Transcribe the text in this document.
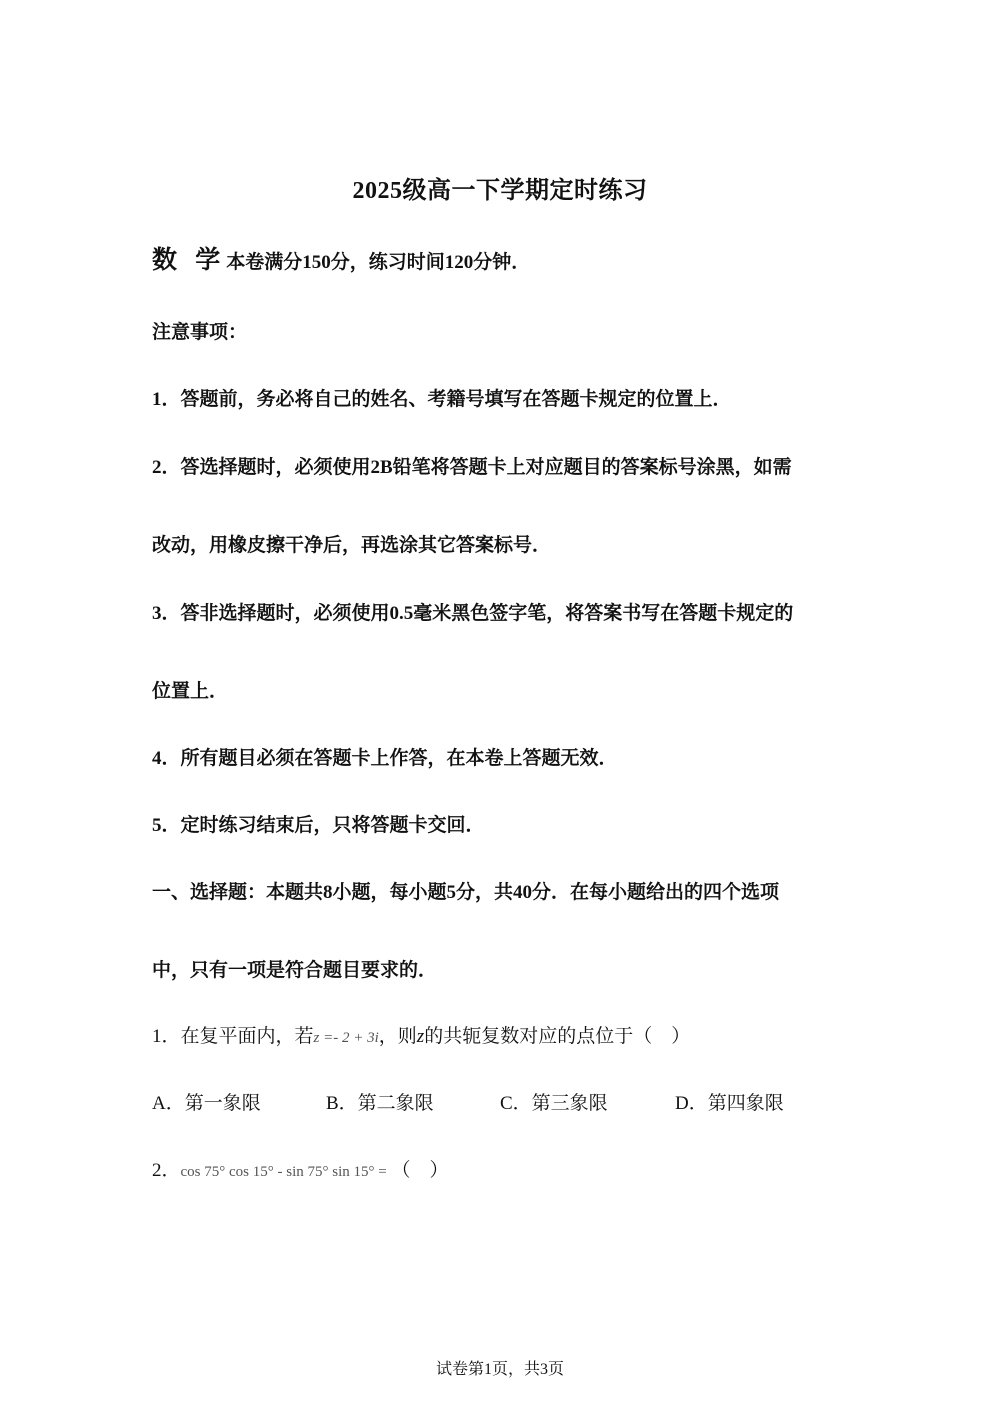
2025级高一下学期定时练习
数 学本卷满分150分，练习时间120分钟．
注意事项：
1．答题前，务必将自己的姓名、考籍号填写在答题卡规定的位置上．
2．答选择题时，必须使用2B铅笔将答题卡上对应题目的答案标号涂黑，如需
改动，用橡皮擦干净后，再选涂其它答案标号．
3．答非选择题时，必须使用0.5毫米黑色签字笔，将答案书写在答题卡规定的
位置上．
4．所有题目必须在答题卡上作答，在本卷上答题无效．
5．定时练习结束后，只将答题卡交回．
一、选择题：本题共8小题，每小题5分，共40分．在每小题给出的四个选项
中，只有一项是符合题目要求的．
1．在复平面内，若z =- 2 + 3i，则z的共轭复数对应的点位于（　）
A．第一象限	B．第二象限	C．第三象限	D．第四象限
2．cos 75° cos 15° - sin 75° sin 15° = （　）
试卷第1页，共3页
